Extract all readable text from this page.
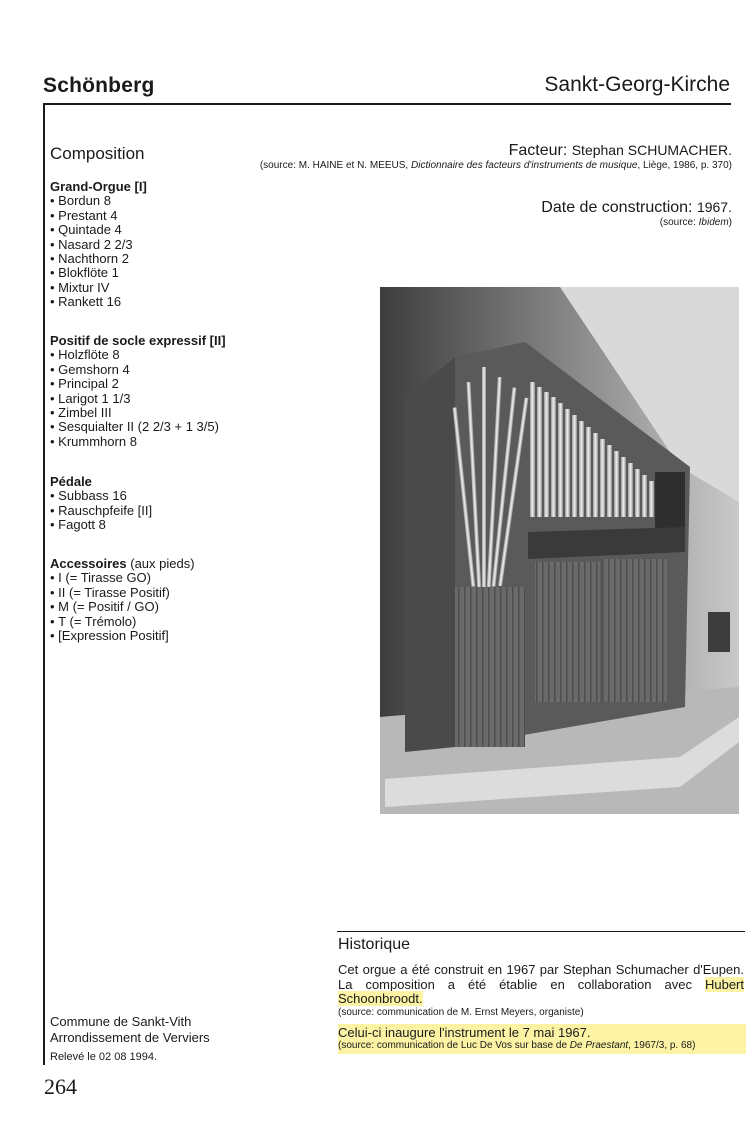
Schönberg	Sankt-Georg-Kirche
Composition
Grand-Orgue [I]
• Bordun 8
• Prestant 4
• Quintade 4
• Nasard 2 2/3
• Nachthorn 2
• Blokflöte 1
• Mixtur IV
• Rankett 16
Positif de socle expressif [II]
• Holzflöte 8
• Gemshorn 4
• Principal 2
• Larigot 1 1/3
• Zimbel III
• Sesquialter II (2 2/3 + 1 3/5)
• Krummhorn 8
Pédale
• Subbass 16
• Rauschpfeife [II]
• Fagott 8
Accessoires (aux pieds)
• I (= Tirasse GO)
• II (= Tirasse Positif)
• M (= Positif / GO)
• T (= Trémolo)
• [Expression Positif]
Facteur: Stephan SCHUMACHER.
(source: M. HAINE et N. MEEUS, Dictionnaire des facteurs d'instruments de musique, Liège, 1986, p. 370)
Date de construction: 1967.
(source: Ibidem)
Historique
Cet orgue a été construit en 1967 par Stephan Schumacher d'Eupen. La composition a été établie en collaboration avec Hubert Schoonbroodt.
(source: communication de M. Ernst Meyers, organiste)
Celui-ci inaugure l'instrument le 7 mai 1967.
(source: communication de Luc De Vos sur base de De Praestant, 1967/3, p. 68)
Commune de Sankt-Vith
Arrondissement de Verviers
Relevé le 02 08 1994.
264
